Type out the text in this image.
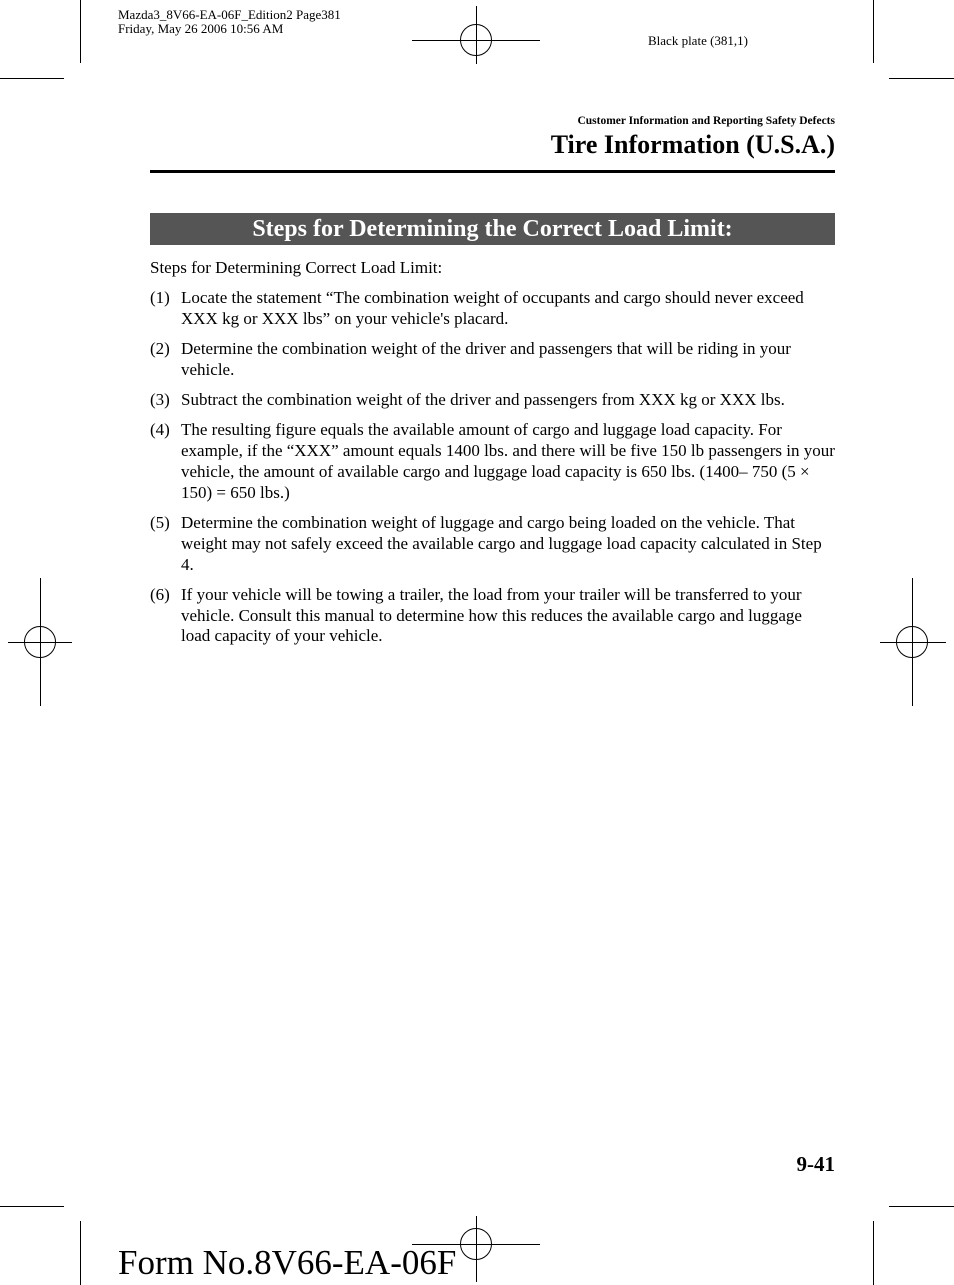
Mazda3_8V66-EA-06F_Edition2 Page381
Friday, May 26 2006 10:56 AM
Black plate (381,1)
Customer Information and Reporting Safety Defects
Tire Information (U.S.A.)
Steps for Determining the Correct Load Limit:

Steps for Determining Correct Load Limit:

(1) Locate the statement “The combination weight of occupants and cargo should never exceed XXX kg or XXX lbs” on your vehicle's placard.
(2) Determine the combination weight of the driver and passengers that will be riding in your vehicle.
(3) Subtract the combination weight of the driver and passengers from XXX kg or XXX lbs.
(4) The resulting figure equals the available amount of cargo and luggage load capacity. For example, if the “XXX” amount equals 1400 lbs. and there will be five 150 lb passengers in your vehicle, the amount of available cargo and luggage load capacity is 650 lbs. (1400– 750 (5 × 150) = 650 lbs.)
(5) Determine the combination weight of luggage and cargo being loaded on the vehicle. That weight may not safely exceed the available cargo and luggage load capacity calculated in Step 4.
(6) If your vehicle will be towing a trailer, the load from your trailer will be transferred to your vehicle. Consult this manual to determine how this reduces the available cargo and luggage load capacity of your vehicle.
9-41
Form No.8V66-EA-06F
